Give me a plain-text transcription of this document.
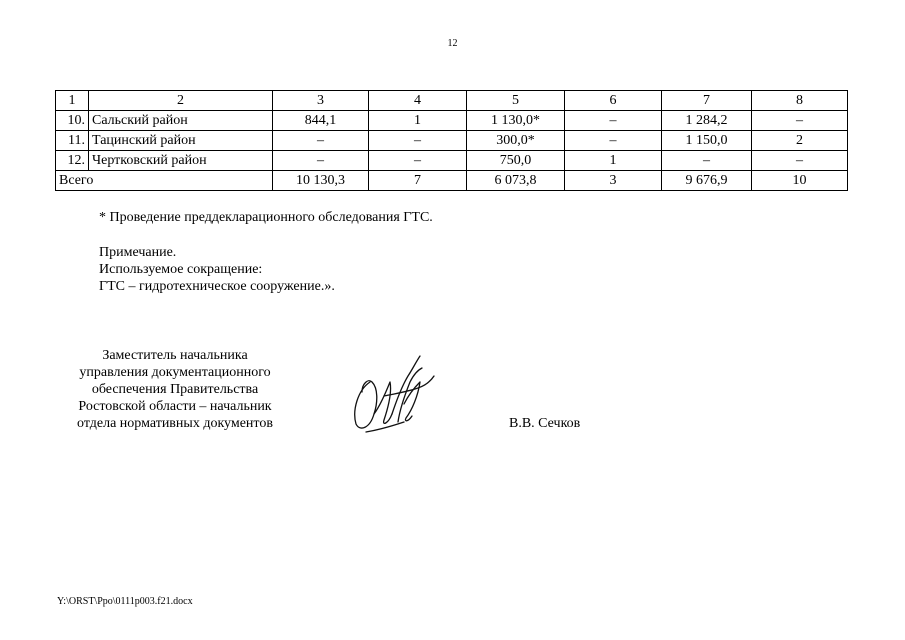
12
1	2	3	4	5	6	7	8
10.	Сальский район	844,1	1	1 130,0*	–	1 284,2	–
11.	Тацинский район	–	–	300,0*	–	1 150,0	2
12.	Чертковский район	–	–	750,0	1	–	–
Всего		10 130,3	7	6 073,8	3	9 676,9	10
* Проведение преддекларационного обследования ГТС.
Примечание.
Используемое сокращение:
ГТС – гидротехническое сооружение.».
Заместитель начальника
управления документационного
обеспечения Правительства
Ростовской области – начальник
отдела нормативных документов	В.В. Сечков
Y:\ORST\Ppo\0111p003.f21.docx
